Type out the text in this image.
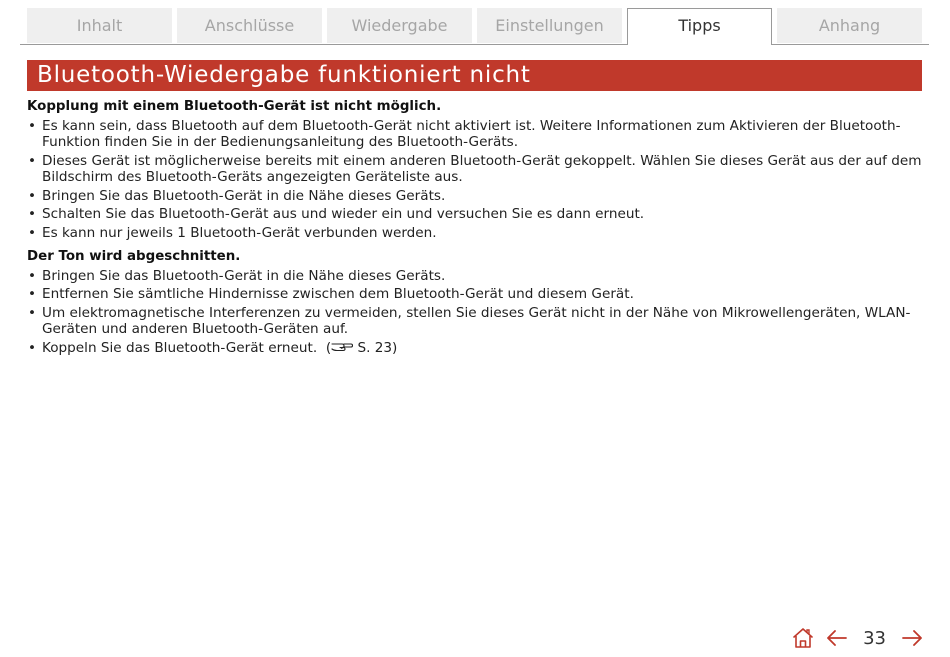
Inhalt	Anschlüsse	Wiedergabe	Einstellungen	Tipps	Anhang
Bluetooth-Wiedergabe funktioniert nicht
Kopplung mit einem Bluetooth-Gerät ist nicht möglich.
• Es kann sein, dass Bluetooth auf dem Bluetooth-Gerät nicht aktiviert ist. Weitere Informationen zum Aktivieren der Bluetooth-Funktion finden Sie in der Bedienungsanleitung des Bluetooth-Geräts.
• Dieses Gerät ist möglicherweise bereits mit einem anderen Bluetooth-Gerät gekoppelt. Wählen Sie dieses Gerät aus der auf dem Bildschirm des Bluetooth-Geräts angezeigten Geräteliste aus.
• Bringen Sie das Bluetooth-Gerät in die Nähe dieses Geräts.
• Schalten Sie das Bluetooth-Gerät aus und wieder ein und versuchen Sie es dann erneut.
• Es kann nur jeweils 1 Bluetooth-Gerät verbunden werden.
Der Ton wird abgeschnitten.
• Bringen Sie das Bluetooth-Gerät in die Nähe dieses Geräts.
• Entfernen Sie sämtliche Hindernisse zwischen dem Bluetooth-Gerät und diesem Gerät.
• Um elektromagnetische Interferenzen zu vermeiden, stellen Sie dieses Gerät nicht in der Nähe von Mikrowellengeräten, WLAN-Geräten und anderen Bluetooth-Geräten auf.
• Koppeln Sie das Bluetooth-Gerät erneut.  ( S. 23)
33
